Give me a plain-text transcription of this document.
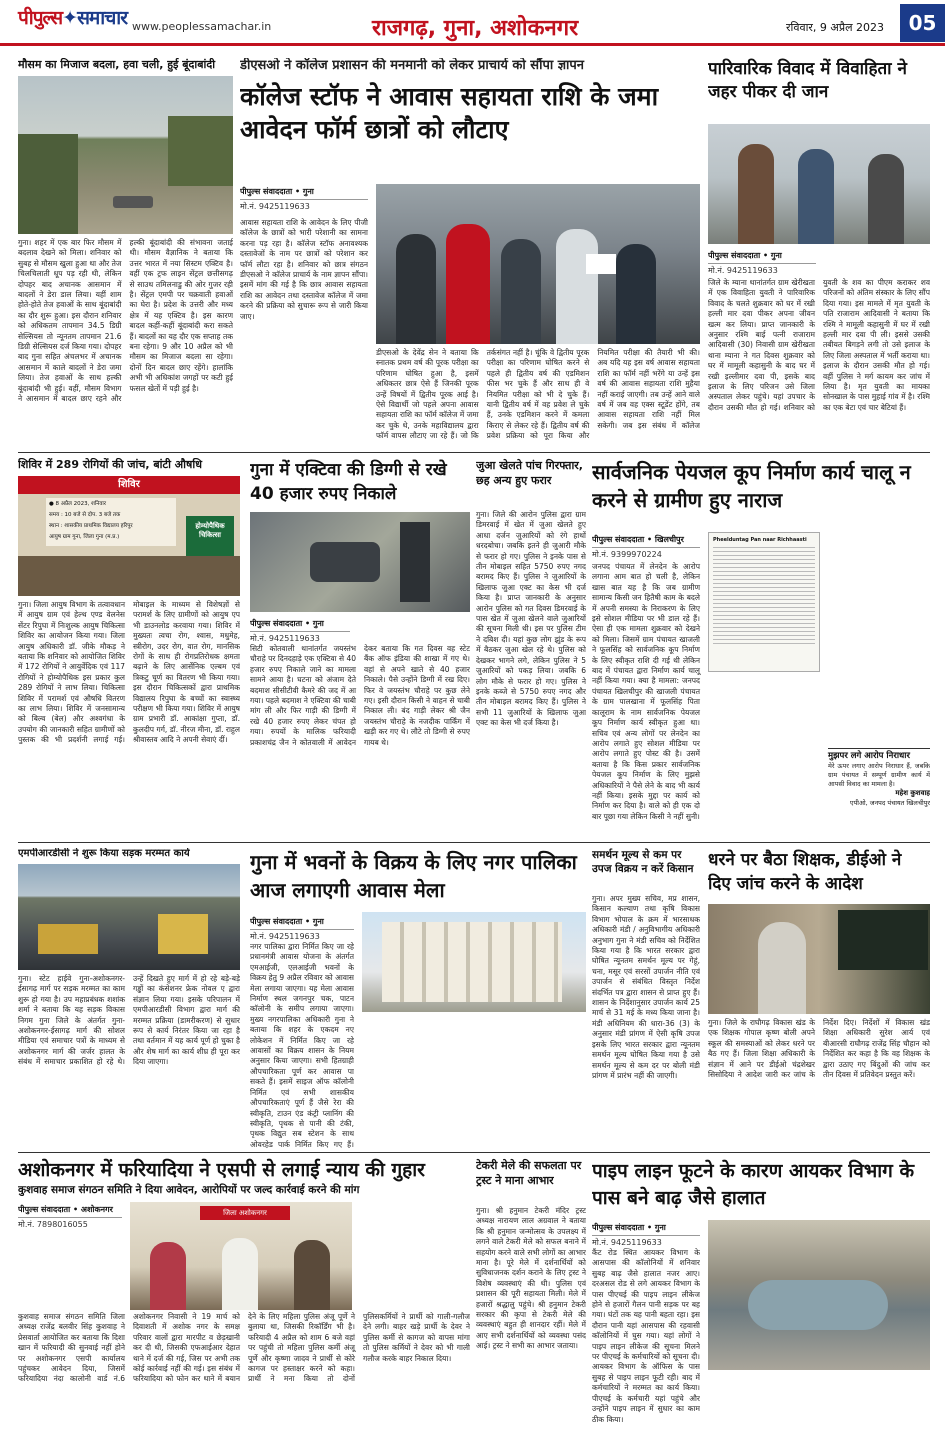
पीपुल्स✦समाचार www.peoplessamachar.in	राजगढ़, गुना, अशोकनगर	रविवार, 9 अप्रैल 2023	05
मौसम का मिजाज बदला, हवा चली, हुई बूंदाबांदी
गुना। शहर में एक बार फिर मौसम में बदलाव देखने को मिला। शनिवार को सुबह से मौसम खुला हुआ था और तेज चिलचिलाती धूप पड़ रही थी, लेकिन दोपहर बाद अचानक आसमान में बादलों ने डेरा डाल लिया। यहीं शाम होते-होते तेज हवाओं के साथ बूंदाबांदी का दौर शुरू हुआ। इस दौरान शनिवार को अधिकतम तापमान 34.5 डिग्री सेल्सियस तो न्यूनतम तापमान 21.6 डिग्री सेल्सियस दर्ज किया गया। दोपहर बाद गुना सहित अंचलभर में अचानक आसमान में काले बादलों ने डेरा जमा लिया। तेज हवाओं के साथ हल्की बूंदाबांदी भी हुई। वहीं, मौसम विभाग ने आसमान में बादल छाए रहने और हल्की बूंदाबांदी की संभावना जताई थी। मौसम वैज्ञानिक ने बताया कि उत्तर भारत में नया सिस्टम एक्टिव है। वहीं एक ट्रफ लाइन सेंट्रल छत्तीसगढ़ से साउथ तमिलनाडु की ओर गुजर रही है। सेंट्रल एमपी पर चक्रवाती हवाओं का घेरा है। प्रदेश के उत्तरी और मध्य क्षेत्र में यह एक्टिव है। इस कारण बादल कहीं-कहीं बूंदाबांदी करा सकते हैं। बादलों का यह दौर एक सप्ताह तक बना रहेगा। 9 और 10 अप्रैल को भी मौसम का मिजाज बदला सा रहेगा। दोनों दिन बादल छाए रहेंगे। हालांकि अभी भी अधिकांश जगहों पर कटी हुई फसल खेतों में पड़ी हुई है।
डीएसओ ने कॉलेज प्रशासन की मनमानी को लेकर प्राचार्य को सौंपा ज्ञापन
कॉलेज स्टॉफ ने आवास सहायता राशि के जमा आवेदन फॉर्म छात्रों को लौटाए
पीपुल्स संवाददाता • गुना
मो.नं. 9425119633
आवास सहायता राशि के आवेदन के लिए पीजी कॉलेज के छात्रों को भारी परेशानी का सामना करना पड़ रहा है। कॉलेज स्टॉफ अनावश्यक दस्तावेजों के नाम पर छात्रों को परेशान कर फॉर्म लौटा रहा है। शनिवार को छात्र संगठन डीएसओ ने कॉलेज प्राचार्य के नाम ज्ञापन सौंपा। इसमें मांग की गई है कि छात्र आवास सहायता राशि का आवेदन तथा दस्तावेज कॉलेज में जमा करने की प्रक्रिया को सुचारू रूप से जारी किया जाए।
डीएसओ के देवेंद्र सेन ने बताया कि स्नातक प्रथम वर्ष की पूरक परीक्षा का परिणाम घोषित हुआ है, इसमें अधिकतर छात्र ऐसे हैं जिनकी पूरक उन्हें विषयों में द्वितीय पूरक आई है। ऐसे विद्यार्थी जो पहले अपना आवास सहायता राशि का फॉर्म कॉलेज में जमा कर चुके थे, उनके महाविद्यालय द्वारा फॉर्म वापस लौटाए जा रहे हैं। जो कि तर्कसंगत नहीं है। चूंकि वे द्वितीय पूरक परीक्षा का परिणाम घोषित करने से पहले ही द्वितीय वर्ष की एडमिशन फीस भर चुके हैं और साथ ही वे नियमित परीक्षा को भी दे चुके हैं। यानी द्वितीय वर्ष में वह प्रवेश ले चुके हैं, उनके एडमिशन करने में कमला किराए से लेकर रहे हैं। द्वितीय वर्ष की प्रवेश प्रक्रिया को पूरा किया और नियमित परीक्षा की तैयारी भी की। अब यदि यह इस वर्ष आवास सहायता राशि का फॉर्म नहीं भरेंगे या उन्हें इस वर्ष की आवास सहायता राशि मुहैया नहीं कराई जाएगी। तब उन्हें आने वाले वर्ष में जब वह एक्स स्टूडेंट होंगे, तब आवास सहायता राशि नहीं मिल सकेगी। जब इस संबंध में कॉलेज
पारिवारिक विवाद में विवाहिता ने जहर पीकर दी जान
पीपुल्स संवाददाता • गुना
मो.नं. 9425119633
जिले के म्याना थानांतर्गत ग्राम खेरीखता में एक विवाहिता युवती ने पारिवारिक विवाद के चलते शुक्रवार को घर में रखी हल्ली मार दवा पीकर अपना जीवन खत्म कर लिया। प्राप्त जानकारी के अनुसार रश्मि बाई पत्नी राजाराम आदिवासी (30) निवासी ग्राम खेरीखता थाना म्याना ने गत दिवस शुक्रवार को घर में मामूली कहासुनी के बाद घर में रखी इल्लीमार दवा पी, इसके बाद इलाज के लिए परिजन उसे जिला अस्पताल लेकर पहुंचे। यहां उपचार के दौरान उसकी मौत हो गई। शनिवार को युवती के शव का पीएम कराकर शव परिजनों को अंतिम संस्कार के लिए सौंप दिया गया। इस मामले में मृत युवती के पति राजाराम आदिवासी ने बताया कि रश्मि ने मामूली कहासुनी में घर में रखी हल्ली मार दवा पी ली। इससे उसकी तबीयत बिगड़ने लगी तो उसे इलाज के लिए जिला अस्पताल में भर्ती कराया था। इलाज के दौरान उसकी मौत हो गई। वहीं पुलिस ने मर्ग कायम कर जांच में लिया है। मृत युवती का मायका सोनखाल के पास मुहाई गांव में है। रश्मि का एक बेटा एवं चार बेटियां हैं।
शिविर में 289 रोगियों की जांच, बांटी औषधि
शिविर
● 8 अप्रैल 2023, शनिवार
समय : 10 बजे से दोप. 3 बजे तक
स्थान : शासकीय प्राथमिक विद्यालय हरिपुर
आयुष ग्राम गुना, जिला गुना (म.प्र.)
होम्योपैथिक चिकित्सा
गुना। जिला आयुष विभाग के तत्वावधान में आयुष ग्राम एवं हेल्थ एण्ड वेलनेस सेंटर रिपुघा में निःशुल्क आयुष चिकित्सा शिविर का आयोजन किया गया। जिला आयुष अधिकारी डॉ. जीके मौकड़ ने बताया कि शनिवार को आयोजित शिविर में 172 रोगियों ने आयुर्वेदिक एवं 117 रोगियों ने होम्योपैथिक इस प्रकार कुल 289 रोगियों ने लाभ लिया। चिकित्सा शिविर में परामर्श एवं औषधि वितरण का लाभ लिया। शिविर में जनसामान्य को बिल्व (बेल) और अश्वगंधा के उपयोग की जानकारी सहित ग्रामीणों को पुस्तक की भी प्रदर्शनी लगाई गई। मोबाइल के माध्यम से विशेषज्ञों से परामर्श के लिए ग्रामीणों को आयुष एप भी डाउनलोड करवाया गया। शिविर में मुख्यतः त्वचा रोग, श्वास, मधुमेह, स्त्रीरोग, उदर रोग, वात रोग, मानसिक रोगों के साथ ही रोगप्रतिरोधक क्षमता बढ़ाने के लिए आर्सेनिक एल्बम एवं त्रिकटु चूर्ण का वितरण भी किया गया। इस दौरान चिकित्सकों द्वारा प्राथमिक विद्यालय रिपुघा के बच्चों का स्वास्थ्य परीक्षण भी किया गया। शिविर में आयुष ग्राम प्रभारी डॉ. आकांक्षा गुप्ता, डॉ. कुलदीप गर्ग, डॉ. नीरज मीना, डॉ. राहुल श्रीवास्तव आदि ने अपनी सेवाएं दीं।
गुना में एक्टिवा की डिग्गी से रखे 40 हजार रुपए निकाले
पीपुल्स संवाददाता • गुना
मो.नं. 9425119633
सिटी कोतवाली थानांतर्गत जयस्तंभ चौराहे पर दिनदहाड़े एक एक्टिवा से 40 हजार रुपए निकाले जाने का मामला सामने आया है। घटना को अंजाम देते बदमाश सीसीटीवी कैमरे की जद में आ गया। पहले बदमाश ने एक्टिवा की चाबी मांग ली और फिर गाड़ी की डिग्गी में रखे 40 हजार रुपए लेकर चंपत हो गया। रुपयों के मालिक फरियादी प्रकाशचंद्र जैन ने कोतवाली में आवेदन देकर बताया कि गत दिवस वह स्टेट बैंक ऑफ इंडिया की शाखा में गए थे। वहां से अपने खाते से 40 हजार निकाले। पैसे उन्होंने डिग्गी में रख दिए। फिर वे जयस्तंभ चौराहे पर कुछ लेने गए। इसी दौरान किसी ने वाहन से चाबी निकाल ली। बंद गाड़ी लेकर श्री जैन जयस्तंभ चौराहे के नजदीक पार्किंग में खड़ी कर गए थे। लौटे तो डिग्गी से रुपए गायब थे।
जुआ खेलते पांच गिरफ्तार, छह अन्य हुए फरार
गुना। जिले की आरोन पुलिस द्वारा ग्राम डिमरवाई में खेत में जुआ खेलते हुए आधा दर्जन जुआरियों को रंगे हाथों धरदबोचा। जबकि इतने ही जुआरी मौके से फरार हो गए। पुलिस ने इनके पास से तीन मोबाइल सहित 5750 रुपए नगद बरामद किए हैं। पुलिस ने जुआरियों के खिलाफ जुआ एक्ट का केस भी दर्ज किया है। प्राप्त जानकारी के अनुसार आरोन पुलिस को गत दिवस डिमरवाई के पास खेत में जुआ खेलने वाले जुआरियों की सूचना मिली थी। इस पर पुलिस टीम ने दबिश दी। यहां कुछ लोग झुंड के रूप में बैठकर जुआ खेल रहे थे। पुलिस को देखकर भागने लगे, लेकिन पुलिस ने 5 जुआरियों को पकड़ लिया। जबकि 6 लोग मौके से फरार हो गए। पुलिस ने इनके कब्जे से 5750 रुपए नगद और तीन मोबाइल बरामद किए हैं। पुलिस ने सभी 11 जुआरियों के खिलाफ जुआ एक्ट का केस भी दर्ज किया है।
सार्वजनिक पेयजल कूप निर्माण कार्य चालू न करने से ग्रामीण हुए नाराज
पीपुल्स संवाददाता • खिलचीपुर
मो.नं. 9399970224
जनपद पंचायत में लेनदेन के आरोप लगाना आम बात हो चली है, लेकिन खास बात यह है कि जब ग्रामीण सामान्य किसी जन हितैषी काम के बदले में अपनी समस्या के निराकरण के लिए इसे सोशल मीडिया पर भी डाल रहे हैं। ऐसा ही एक मामला शुक्रवार को देखने को मिला। जिसमें ग्राम पंचायत खाजली ने फूलसिंह को सार्वजनिक कूप निर्माण के लिए स्वीकृत राशि दी गई थी लेकिन बाद में पंचायत द्वारा निर्माण कार्य चालू नहीं किया गया। क्या है मामला: जनपद पंचायत खिलचीपुर की खाजली पंचायत के ग्राम पालखाना में फूलसिंह पिता कालूराम के नाम सार्वजनिक पेयजल कूप निर्माण कार्य स्वीकृत हुआ था। सचिव एवं अन्य लोगों पर लेनदेन का आरोप लगाते हुए सोशल मीडिया पर आरोप लगाते हुए पोस्ट की है। उसमें बताया है कि किस प्रकार सार्वजनिक पेयजल कूप निर्माण के लिए मुझसे अधिकारियों ने पैसे लेने के बाद भी कार्य नहीं किया। इसके मुद्दा पर कार्य को निर्माण कर दिया है। वाले को ही एक दो बार पूछा गया लेकिन किसी ने नहीं सुनी।
Pheelduntag Pan naar Richhaasti
मुझपर लगे आरोप निराधार
मेरे ऊपर लगाए आरोप निराधार हैं, जबकि ग्राम पंचायत में सम्पूर्ण ग्रामीण कार्य में आपसी विवाद का मामला है।
महेश कुशवाह
एपीओ, जनपद पंचायत खिलचीपुर
एमपीआरडीसी ने शुरू किया सड़क मरम्मत कार्य
गुना। स्टेट हाईवे गुना-अशोकनगर-ईसागढ़ मार्ग पर सड़क मरम्मत का काम शुरू हो गया है। उप महाप्रबंधक शशांक शर्मा ने बताया कि यह सड़क विकास निगम गुना जिले के अंतर्गत गुना-अशोकनगर-ईसागढ़ मार्ग की सोशल मीडिया एवं समाचार पत्रों के माध्यम से अशोकनगर मार्ग की जर्जर हालत के संबंध में समाचार प्रकाशित हो रहे थे। उन्हें दिखते हुए मार्ग में हो रहे बड़े-बड़े गड्ढों का कंसेशनर फ्रेक नोवल ए द्वारा संज्ञान लिया गया। इसके परिपालन में एमपीआरडीसी विभाग द्वारा मार्ग की मरम्मत प्रक्रिया (डामरीकरण) से सुधार रूप से कार्य निरंतर किया जा रहा है तथा वर्तमान में यह कार्य पूर्ण हो चुका है और शेष मार्ग का कार्य शीघ्र ही पूरा कर दिया जाएगा।
गुना में भवनों के विक्रय के लिए नगर पालिका आज लगाएगी आवास मेला
पीपुल्स संवाददाता • गुना
मो.नं. 9425119633
नगर पालिका द्वारा निर्मित किए जा रहे प्रधानमंत्री आवास योजना के अंतर्गत एमआईजी, एलआईजी भवनों के विक्रय हेतु 9 अप्रैल रविवार को आवास मेला लगाया जाएगा। यह मेला आवास निर्माण स्थल जगनपुर चक, पाटन कॉलोनी के समीप लगाया जाएगा। मुख्य नगरपालिका अधिकारी गुना ने बताया कि शहर के एकदम नए लोकेशन में निर्मित किए जा रहे आवासों का विक्रय शासन के नियम अनुसार किया जाएगा। सभी हितग्राही औपचारिकता पूर्ण कर आवास पा सकते हैं। इसमें साइज ऑफ कॉलोनी निर्मित एवं सभी शासकीय औपचारिकताएं पूर्ण हैं जैसे रेरा की स्वीकृति, टाउन एंड कंट्री प्लानिंग की स्वीकृति, पृथक से पानी की टंकी, पृथक विद्युत सब स्टेशन के साथ ओवरहेड पार्क निर्मित किए गए हैं।
समर्थन मूल्य से कम पर उपज विक्रय न करें किसान
गुना। अपर मुख्य सचिव, मप्र शासन, किसान कल्याण तथा कृषि विकास विभाग भोपाल के क्रम में भारसाधक अधिकारी मंडी / अनुविभागीय अधिकारी अनुभाग गुना ने मंडी सचिव को निर्देशित किया गया है कि भारत सरकार द्वारा घोषित न्यूनतम समर्थन मूल्य पर गेहूं, चना, मसूर एवं सरसों उपार्जन नीति एवं उपार्जन से संबंधित विस्तृत निर्देश संदर्भित पत्र द्वारा शासन से प्राप्त हुए हैं। शासन के निर्देशानुसार उपार्जन कार्य 25 मार्च से 31 मई के मध्य किया जाना है। मंडी अधिनियम की धारा-36 (3) के अनुसार मंडी प्रांगण में ऐसी कृषि उपज इसके लिए भारत सरकार द्वारा न्यूनतम समर्थन मूल्य घोषित किया गया है उसे समर्थन मूल्य से कम दर पर बोली मंडी प्रांगण में प्रारंभ नहीं की जाएगी।
धरने पर बैठा शिक्षक, डीईओ ने दिए जांच करने के आदेश
गुना। जिले के राघौगढ़ विकास खंड के एक शिक्षक गोपाल कृष्ण बोली अपने स्कूल की समस्याओं को लेकर धरने पर बैठ गए हैं। जिला शिक्षा अधिकारी के संज्ञान में आने पर डीईओ चंद्रशेखर सिसोदिया ने आदेश जारी कर जांच के निर्देश दिए। निर्देशों में विकास खंड शिक्षा अधिकारी सुरेश आर्य एवं बीआरसी राघौगढ़ राजेंद्र सिंह चौहान को निर्देशित कर कहा है कि वह शिक्षक के द्वारा उठाए गए बिंदुओं की जांच कर तीन दिवस में प्रतिवेदन प्रस्तुत करें।
अशोकनगर में फरियादिया ने एसपी से लगाई न्याय की गुहार
कुशवाह समाज संगठन समिति ने दिया आवेदन, आरोपियों पर जल्द कार्रवाई करने की मांग
पीपुल्स संवाददाता • अशोकनगर
मो.नं. 7898016055
जिला अशोकनगर
कुशवाह समाज संगठन समिति जिला अध्यक्ष राजेंद्र बलवीर सिंह कुशवाह ने प्रेसवार्ता आयोजित कर बताया कि दिशा खान में फरियादी की सुनवाई नहीं होने पर अशोकनगर एसपी कार्यालय पहुंचकर आवेदन दिया, जिसमें फरियादिया नंदा कालोनी वार्ड नं.6 अशोकनगर निवासी ने 19 मार्च को दिवाशती में अशोक नगर के समक्ष परिवार वालों द्वारा मारपीट व छेड़खानी कर दी थी, जिसकी एफआईआर देहात थाने में दर्ज की गई, जिस पर अभी तक कोई कार्रवाई नहीं की गई। इस संबंध में फरियादिया को फोन कर थाने में बयान देने के लिए महिला पुलिस अंजू पूर्णे ने बुलाया था, जिसकी रिकॉर्डिंग भी है। फरियादी 4 अप्रैल को शाम 6 बजे वहां पर पहुंची तो महिला पुलिस कर्मी अंजू पूर्णे और कृष्णा जादव ने प्रार्थी से कोरे कागज पर हस्ताक्षर करने को कहा। प्रार्थी ने मना किया तो दोनों पुलिसकर्मियों ने प्रार्थी को गाली-गलौज देने लगी। बाहर खड़े प्रार्थी के देवर ने पुलिस कर्मी से कागज को वापस मांगा तो पुलिस कर्मियों ने देवर को भी गाली गलौज करके बाहर निकाल दिया।
टेकरी मेले की सफलता पर ट्रस्ट ने माना आभार
गुना। श्री हनुमान टेकरी मंदिर ट्रस्ट अध्यक्ष नारायण लाल अग्रवाल ने बताया कि श्री हनुमान जन्मोत्सव के उपलक्ष्य में लगने वाले टेकरी मेले को सफल बनाने में सहयोग करने वाले सभी लोगों का आभार माना है। पूरे मेले में दर्शनार्थियों को सुविधाजनक दर्शन कराने के लिए ट्रस्ट ने विशेष व्यवस्थाएं की थी। पुलिस एवं प्रशासन की पूरी सहायता मिली। मेले में हजारों श्रद्धालु पहुंचे। श्री हनुमान टेकरी सरकार की कृपा से टेकरी मेले की व्यवस्थाएं बहुत ही शानदार रहीं। मेले में आए सभी दर्शनार्थियों को व्यवस्था पसंद आई। ट्रस्ट ने सभी का आभार जताया।
पाइप लाइन फूटने के कारण आयकर विभाग के पास बने बाढ़ जैसे हालात
पीपुल्स संवाददाता • गुना
मो.नं. 9425119633
कैंट रोड स्थित आयकर विभाग के आसपास की कॉलोनियों में शनिवार सुबह बाढ़ जैसे हालात नजर आए। दरअसल रोड से लगे आयकर विभाग के पास पीएचई की पाइप लाइन लीकेज होने से हजारों गैलन पानी सड़क पर बह गया। घंटों तक यह पानी बहता रहा। इस दौरान पानी यहां आसपास की रहवासी कॉलोनियों में घुस गया। यहां लोगों ने पाइप लाइन लीकेज की सूचना मिलने पर पीएचई के कर्मचारियों को सूचना दी। आयकर विभाग के ऑफिस के पास सुबह से पाइप लाइन फूटी रही। बाद में कर्मचारियों ने मरम्मत का कार्य किया। पीएचई के कर्मचारी यहां पहुंचे और उन्होंने पाइप लाइन में सुधार का काम ठीक किया।
